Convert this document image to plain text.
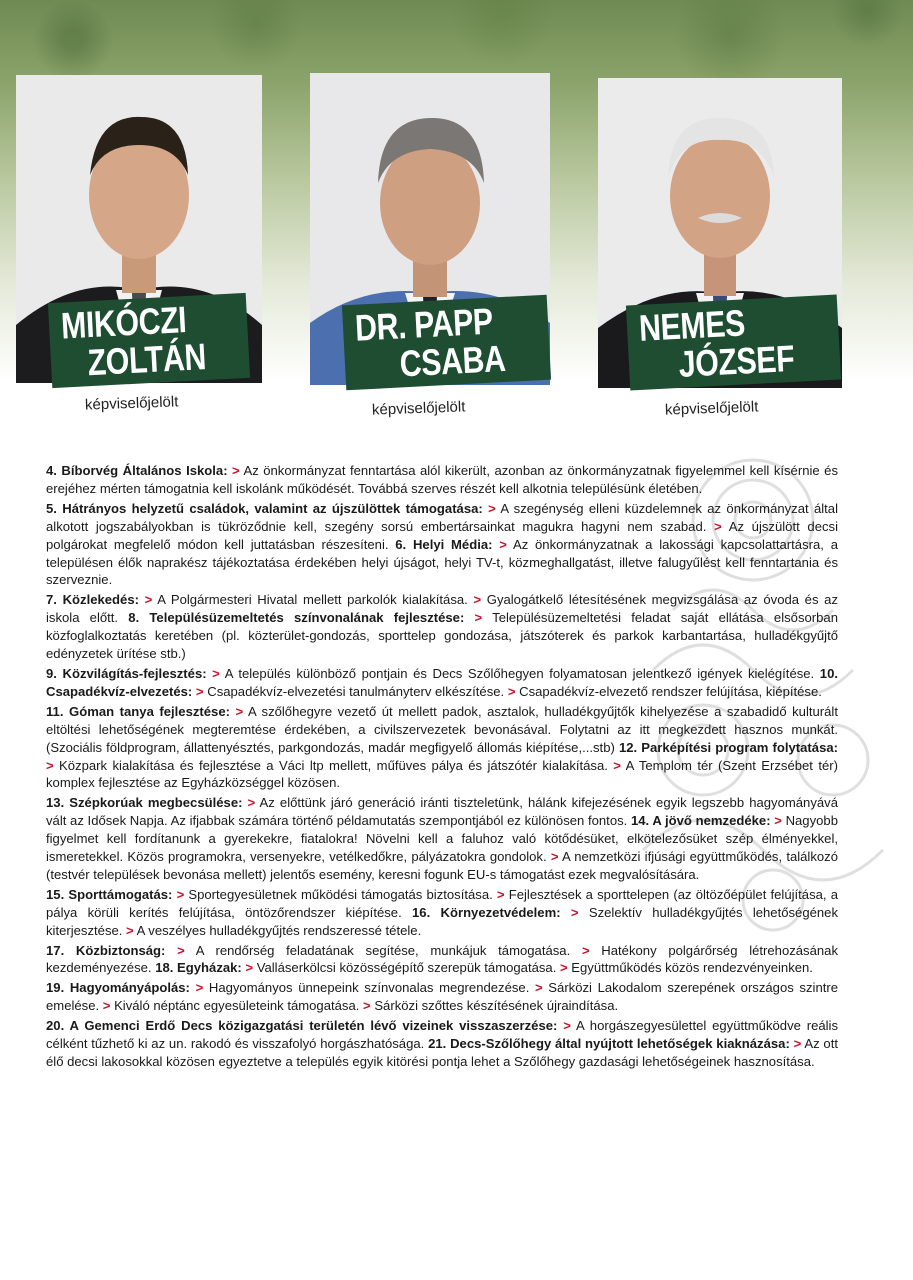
MIKÓCZI
ZOLTÁN
képviselőjelölt
DR. PAPP
CSABA
képviselőjelölt
NEMES
JÓZSEF
képviselőjelölt

4. Bíborvég Általános Iskola: > Az önkormányzat fenntartása alól kikerült, azonban az önkormányzatnak figyelemmel kell kísérnie és erejéhez mérten támogatnia kell iskolánk működését. Továbbá szerves részét kell alkotnia településünk életében.

5. Hátrányos helyzetű családok, valamint az újszülöttek támogatása: > A szegénység elleni küzdelemnek az önkormányzat által alkotott jogszabályokban is tükröződnie kell, szegény sorsú embertársainkat magukra hagyni nem szabad. > Az újszülött decsi polgárokat megfelelő módon kell juttatásban részesíteni. 6. Helyi Média: > Az önkormányzatnak a lakossági kapcsolattartásra, a településen élők naprakész tájékoztatása érdekében helyi újságot, helyi TV-t, közmeghallgatást, illetve falugyűlést kell fenntartania és szerveznie.

7. Közlekedés: > A Polgármesteri Hivatal mellett parkolók kialakítása. > Gyalogátkelő létesítésének megvizsgálása az óvoda és az iskola előtt. 8. Településüzemeltetés színvonalának fejlesztése: > Településüzemeltetési feladat saját ellátása elsősorban közfoglalkoztatás keretében (pl. közterület-gondozás, sporttelep gondozása, játszóterek és parkok karbantartása, hulladékgyűjtő edényzetek ürítése stb.)

9. Közvilágítás-fejlesztés: > A település különböző pontjain és Decs Szőlőhegyen folyamatosan jelentkező igények kielégítése. 10. Csapadékvíz-elvezetés: > Csapadékvíz-elvezetési tanulmányterv elkészítése. > Csapadékvíz-elvezető rendszer felújítása, kiépítése.

11. Góman tanya fejlesztése: > A szőlőhegyre vezető út mellett padok, asztalok, hulladékgyűjtők kihelyezése a szabadidő kulturált eltöltési lehetőségének megteremtése érdekében, a civilszervezetek bevonásával. Folytatni az itt megkezdett hasznos munkát. (Szociális földprogram, állattenyésztés, parkgondozás, madár megfigyelő állomás kiépítése,...stb) 12. Parképítési program folytatása: > Közpark kialakítása és fejlesztése a Váci ltp mellett, műfüves pálya és játszótér kialakítása. > A Templom tér (Szent Erzsébet tér) komplex fejlesztése az Egyházközséggel közösen.

13. Szépkorúak megbecsülése: > Az előttünk járó generáció iránti tiszteletünk, hálánk kifejezésének egyik legszebb hagyományává vált az Idősek Napja. Az ifjabbak számára történő példamutatás szempontjából ez különösen fontos. 14. A jövő nemzedéke: > Nagyobb figyelmet kell fordítanunk a gyerekekre, fiatalokra! Növelni kell a faluhoz való kötődésüket, elkötelezősüket szép élményekkel, ismeretekkel. Közös programokra, versenyekre, vetélkedőkre, pályázatokra gondolok. > A nemzetközi ifjúsági együttműködés, találkozó (testvér települések bevonása mellett) jelentős esemény, keresni fogunk EU-s támogatást ezek megvalósítására.

15. Sporttámogatás: > Sportegyesületnek működési támogatás biztosítása. > Fejlesztések a sporttelepen (az öltözőépület felújítása, a pálya körüli kerítés felújítása, öntözőrendszer kiépítése. 16. Környezetvédelem: > Szelektív hulladékgyűjtés lehetőségének kiterjesztése. > A veszélyes hulladékgyűjtés rendszeressé tétele.

17. Közbiztonság: > A rendőrség feladatának segítése, munkájuk támogatása. > Hatékony polgárőrség létrehozásának kezdeményezése. 18. Egyházak: > Valláserkölcsi közösségépítő szerepük támogatása. > Együttműködés közös rendezvényeinken.

19. Hagyományápolás: > Hagyományos ünnepeink színvonalas megrendezése. > Sárközi Lakodalom szerepének országos szintre emelése. > Kiváló néptánc egyesületeink támogatása. > Sárközi szőttes készítésének újraindítása.

20. A Gemenci Erdő Decs közigazgatási területén lévő vizeinek visszaszerzése: > A horgászegyesülettel együttműködve reális célként tűzhető ki az un. rakodó és visszafolyó horgászhatósága. 21. Decs-Szőlőhegy által nyújtott lehetőségek kiaknázása: > Az ott élő decsi lakosokkal közösen egyeztetve a település egyik kitörési pontja lehet a Szőlőhegy gazdasági lehetőségeinek hasznosítása.
